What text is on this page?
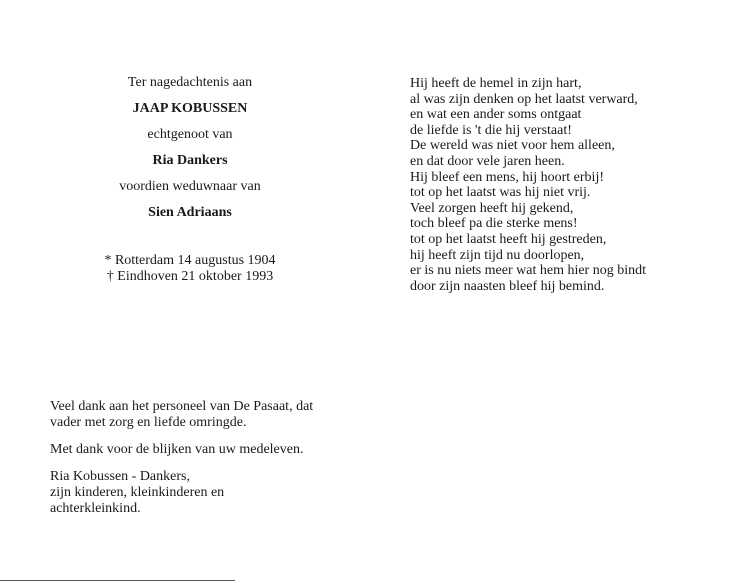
Ter nagedachtenis aan
JAAP KOBUSSEN
echtgenoot van
Ria Dankers
voordien weduwnaar van
Sien Adriaans
* Rotterdam 14 augustus 1904
† Eindhoven 21 oktober 1993
Hij heeft de hemel in zijn hart,
al was zijn denken op het laatst verward,
en wat een ander soms ontgaat
de liefde is 't die hij verstaat!
De wereld was niet voor hem alleen,
en dat door vele jaren heen.
Hij bleef een mens, hij hoort erbij!
tot op het laatst was hij niet vrij.
Veel zorgen heeft hij gekend,
toch bleef pa die sterke mens!
tot op het laatst heeft hij gestreden,
hij heeft zijn tijd nu doorlopen,
er is nu niets meer wat hem hier nog bindt
door zijn naasten bleef hij bemind.
Veel dank aan het personeel van De Pasaat, dat
vader met zorg en liefde omringde.
Met dank voor de blijken van uw medeleven.
Ria Kobussen - Dankers,
zijn kinderen, kleinkinderen en
achterkleinkind.
